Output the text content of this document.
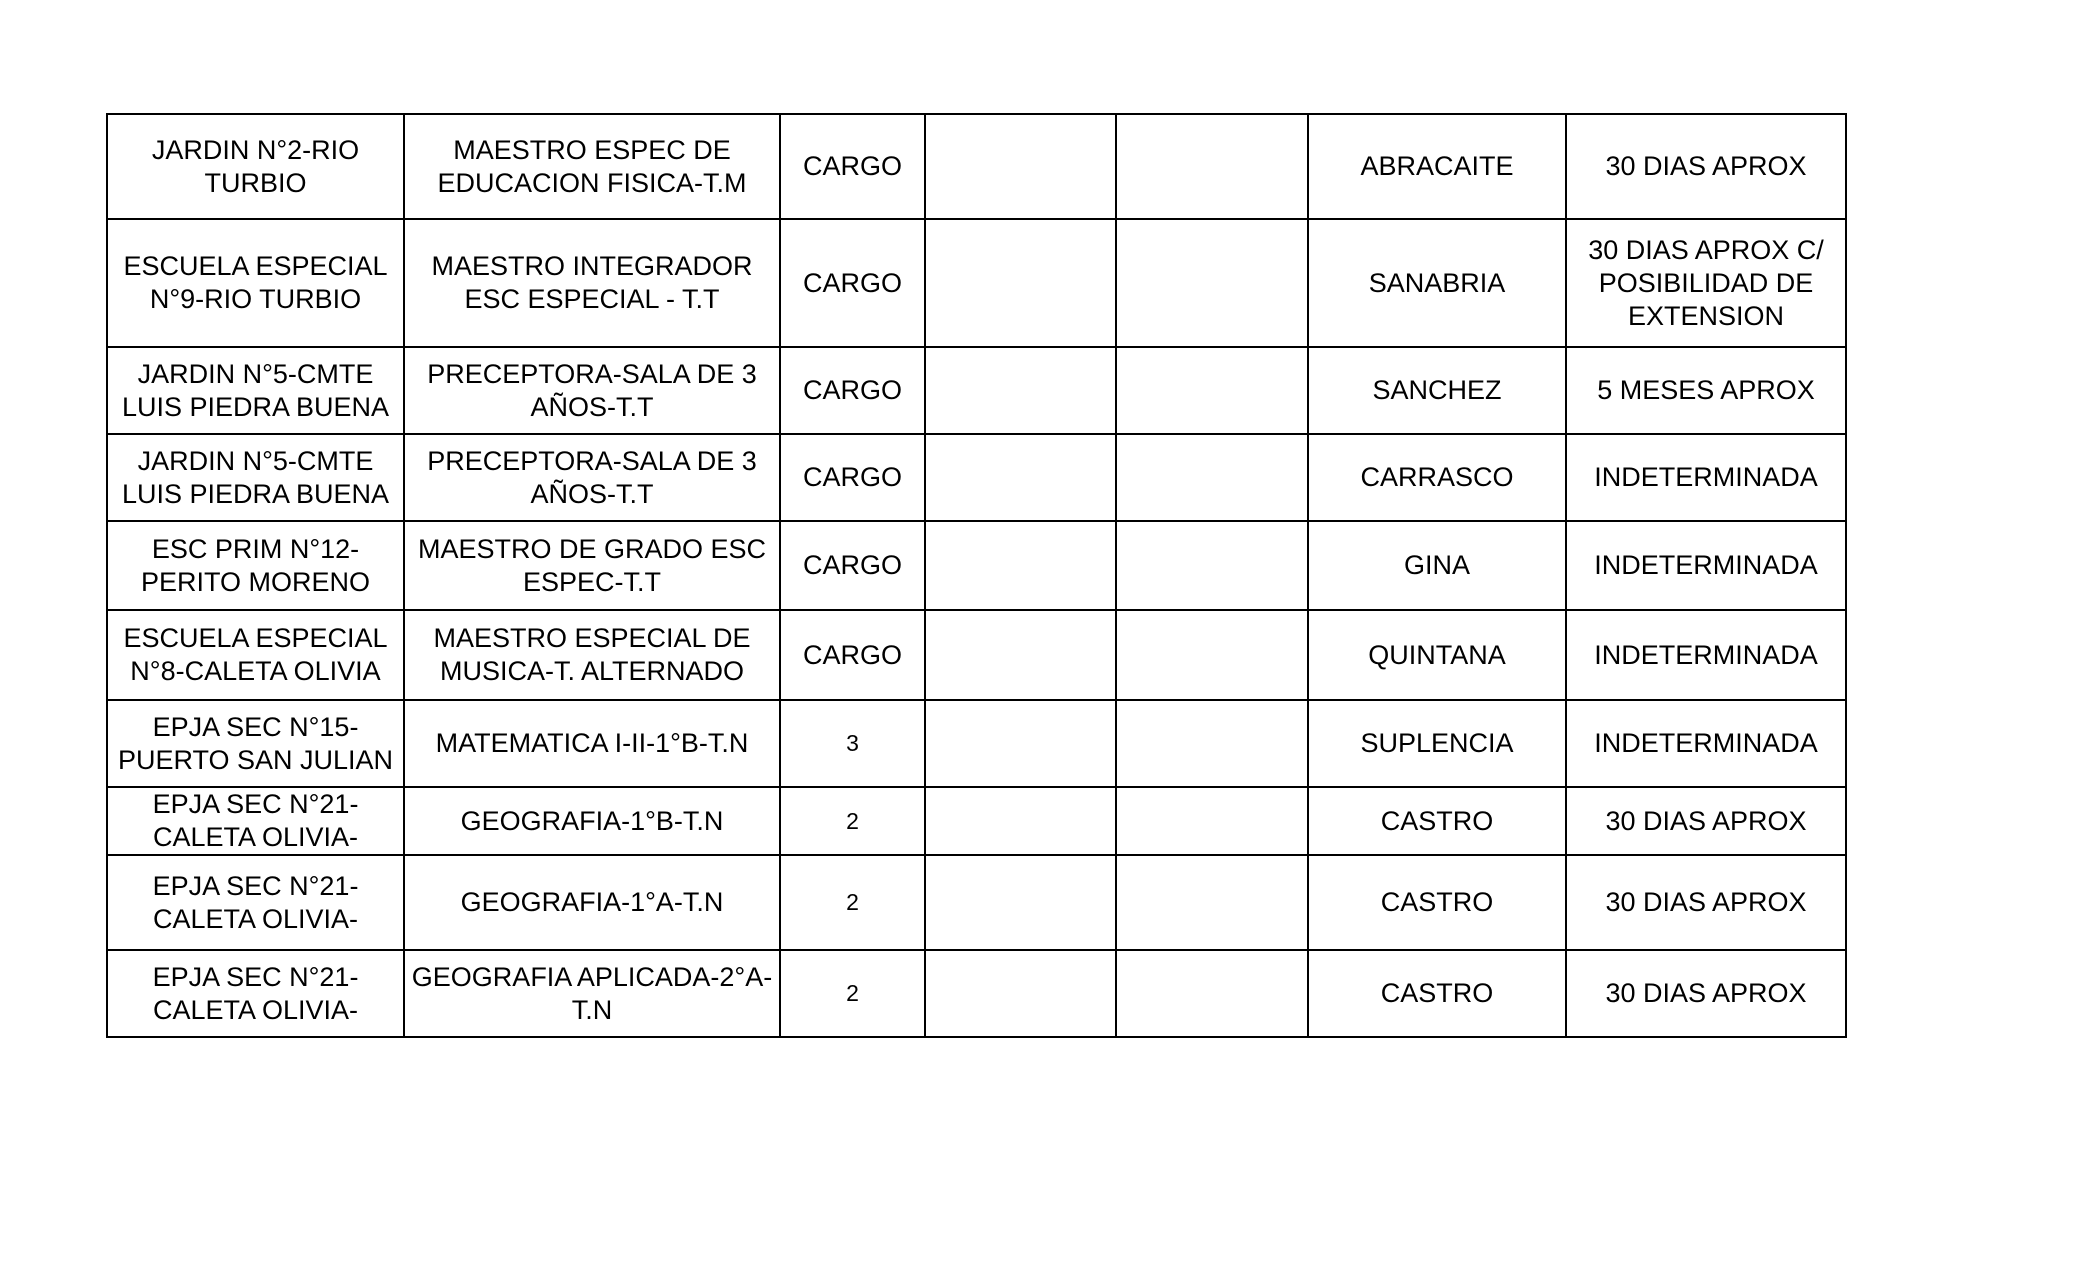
JARDIN N°2-RIO
TURBIO	MAESTRO ESPEC DE
EDUCACION FISICA-T.M	CARGO			ABRACAITE	30 DIAS APROX
ESCUELA ESPECIAL
N°9-RIO TURBIO	MAESTRO INTEGRADOR
ESC ESPECIAL - T.T	CARGO			SANABRIA	30 DIAS APROX C/
POSIBILIDAD DE
EXTENSION
JARDIN N°5-CMTE
LUIS PIEDRA BUENA	PRECEPTORA-SALA DE 3
AÑOS-T.T	CARGO			SANCHEZ	5 MESES APROX
JARDIN N°5-CMTE
LUIS PIEDRA BUENA	PRECEPTORA-SALA DE 3
AÑOS-T.T	CARGO			CARRASCO	INDETERMINADA
ESC PRIM N°12-
PERITO MORENO	MAESTRO DE GRADO ESC
ESPEC-T.T	CARGO			GINA	INDETERMINADA
ESCUELA ESPECIAL
N°8-CALETA OLIVIA	MAESTRO ESPECIAL DE
MUSICA-T. ALTERNADO	CARGO			QUINTANA	INDETERMINADA
EPJA SEC N°15-
PUERTO SAN JULIAN	MATEMATICA I-II-1°B-T.N	3			SUPLENCIA	INDETERMINADA
EPJA SEC N°21-
CALETA OLIVIA-	GEOGRAFIA-1°B-T.N	2			CASTRO	30 DIAS APROX
EPJA SEC N°21-
CALETA OLIVIA-	GEOGRAFIA-1°A-T.N	2			CASTRO	30 DIAS APROX
EPJA SEC N°21-
CALETA OLIVIA-	GEOGRAFIA APLICADA-2°A-
T.N	2			CASTRO	30 DIAS APROX
